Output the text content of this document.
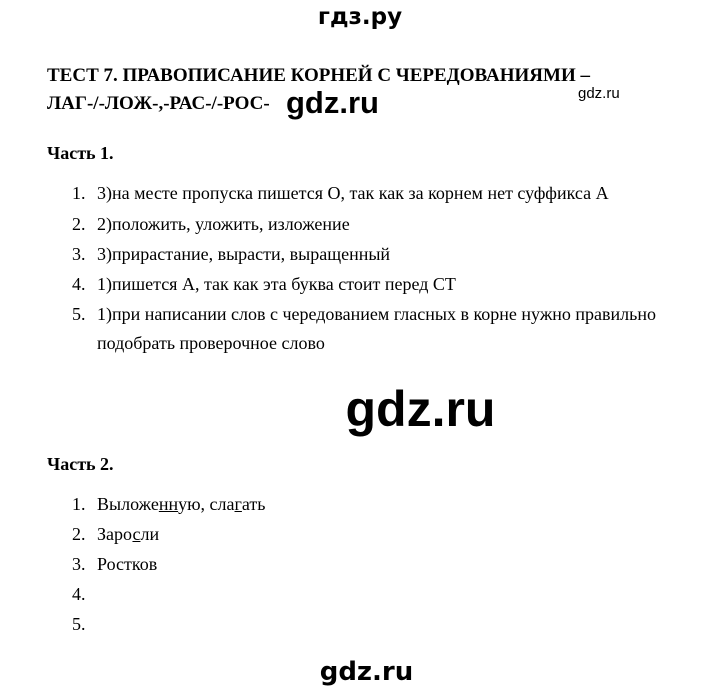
гдз.ру
ТЕСТ 7. ПРАВОПИСАНИЕ КОРНЕЙ С ЧЕРЕДОВАНИЯМИ –
ЛАГ-/-ЛОЖ-,-РАС-/-РОС-	gdz.ru
gdz.ru
Часть 1.
1. 3)на месте пропуска пишется О, так как за корнем нет суффикса А
2. 2)положить, уложить, изложение
3. 3)прирастание, вырасти, выращенный
4. 1)пишется А, так как эта буква стоит перед СТ
5. 1)при написании слов с чередованием гласных в корне нужно правильно подобрать проверочное слово
gdz.ru
Часть 2.
1. Выложенную, слагать
2. Заросли
3. Ростков
4.

5.

gdz.ru
